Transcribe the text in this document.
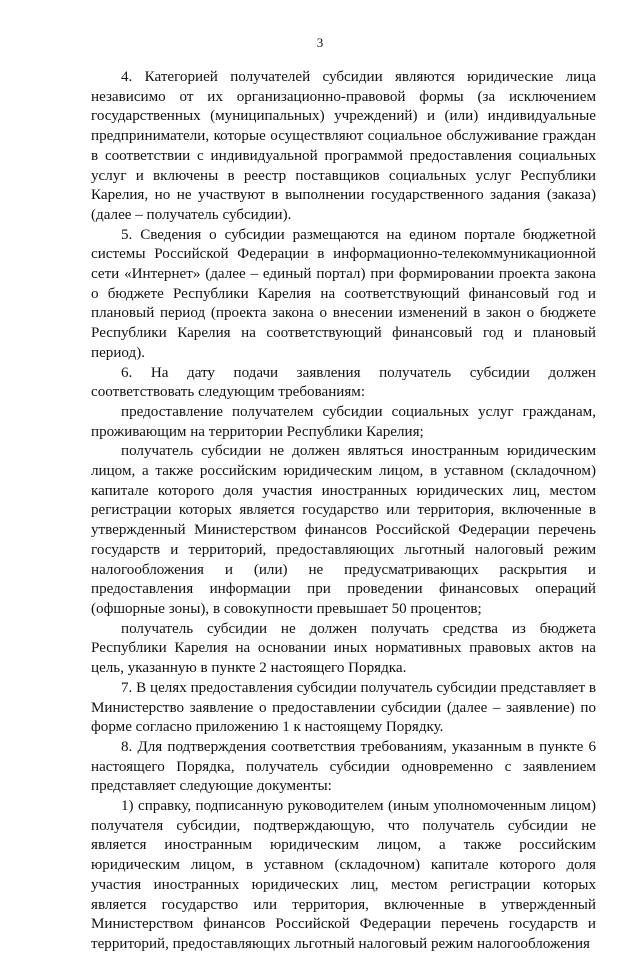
3

4. Категорией получателей субсидии являются юридические лица независимо от их организационно-правовой формы (за исключением государственных (муниципальных) учреждений) и (или) индивидуальные предприниматели, которые осуществляют социальное обслуживание граждан в соответствии с индивидуальной программой предоставления социальных услуг и включены в реестр поставщиков социальных услуг Республики Карелия, но не участвуют в выполнении государственного задания (заказа) (далее – получатель субсидии).

5. Сведения о субсидии размещаются на едином портале бюджетной системы Российской Федерации в информационно-телекоммуникационной сети «Интернет» (далее – единый портал) при формировании проекта закона о бюджете Республики Карелия на соответствующий финансовый год и плановый период (проекта закона о внесении изменений в закон о бюджете Республики Карелия на соответствующий финансовый год и плановый период).

6. На дату подачи заявления получатель субсидии должен соответствовать следующим требованиям:

предоставление получателем субсидии социальных услуг гражданам, проживающим на территории Республики Карелия;

получатель субсидии не должен являться иностранным юридическим лицом, а также российским юридическим лицом, в уставном (складочном) капитале которого доля участия иностранных юридических лиц, местом регистрации которых является государство или территория, включенные в утвержденный Министерством финансов Российской Федерации перечень государств и территорий, предоставляющих льготный налоговый режим налогообложения и (или) не предусматривающих раскрытия и предоставления информации при проведении финансовых операций (офшорные зоны), в совокупности превышает 50 процентов;

получатель субсидии не должен получать средства из бюджета Республики Карелия на основании иных нормативных правовых актов на цель, указанную в пункте 2 настоящего Порядка.

7. В целях предоставления субсидии получатель субсидии представляет в Министерство заявление о предоставлении субсидии (далее – заявление) по форме согласно приложению 1 к настоящему Порядку.

8. Для подтверждения соответствия требованиям, указанным в пункте 6 настоящего Порядка, получатель субсидии одновременно с заявлением представляет следующие документы:

1) справку, подписанную руководителем (иным уполномоченным лицом) получателя субсидии, подтверждающую, что получатель субсидии не является иностранным юридическим лицом, а также российским юридическим лицом, в уставном (складочном) капитале которого доля участия иностранных юридических лиц, местом регистрации которых является государство или территория, включенные в утвержденный Министерством финансов Российской Федерации перечень государств и территорий, предоставляющих льготный налоговый режим налогообложения
